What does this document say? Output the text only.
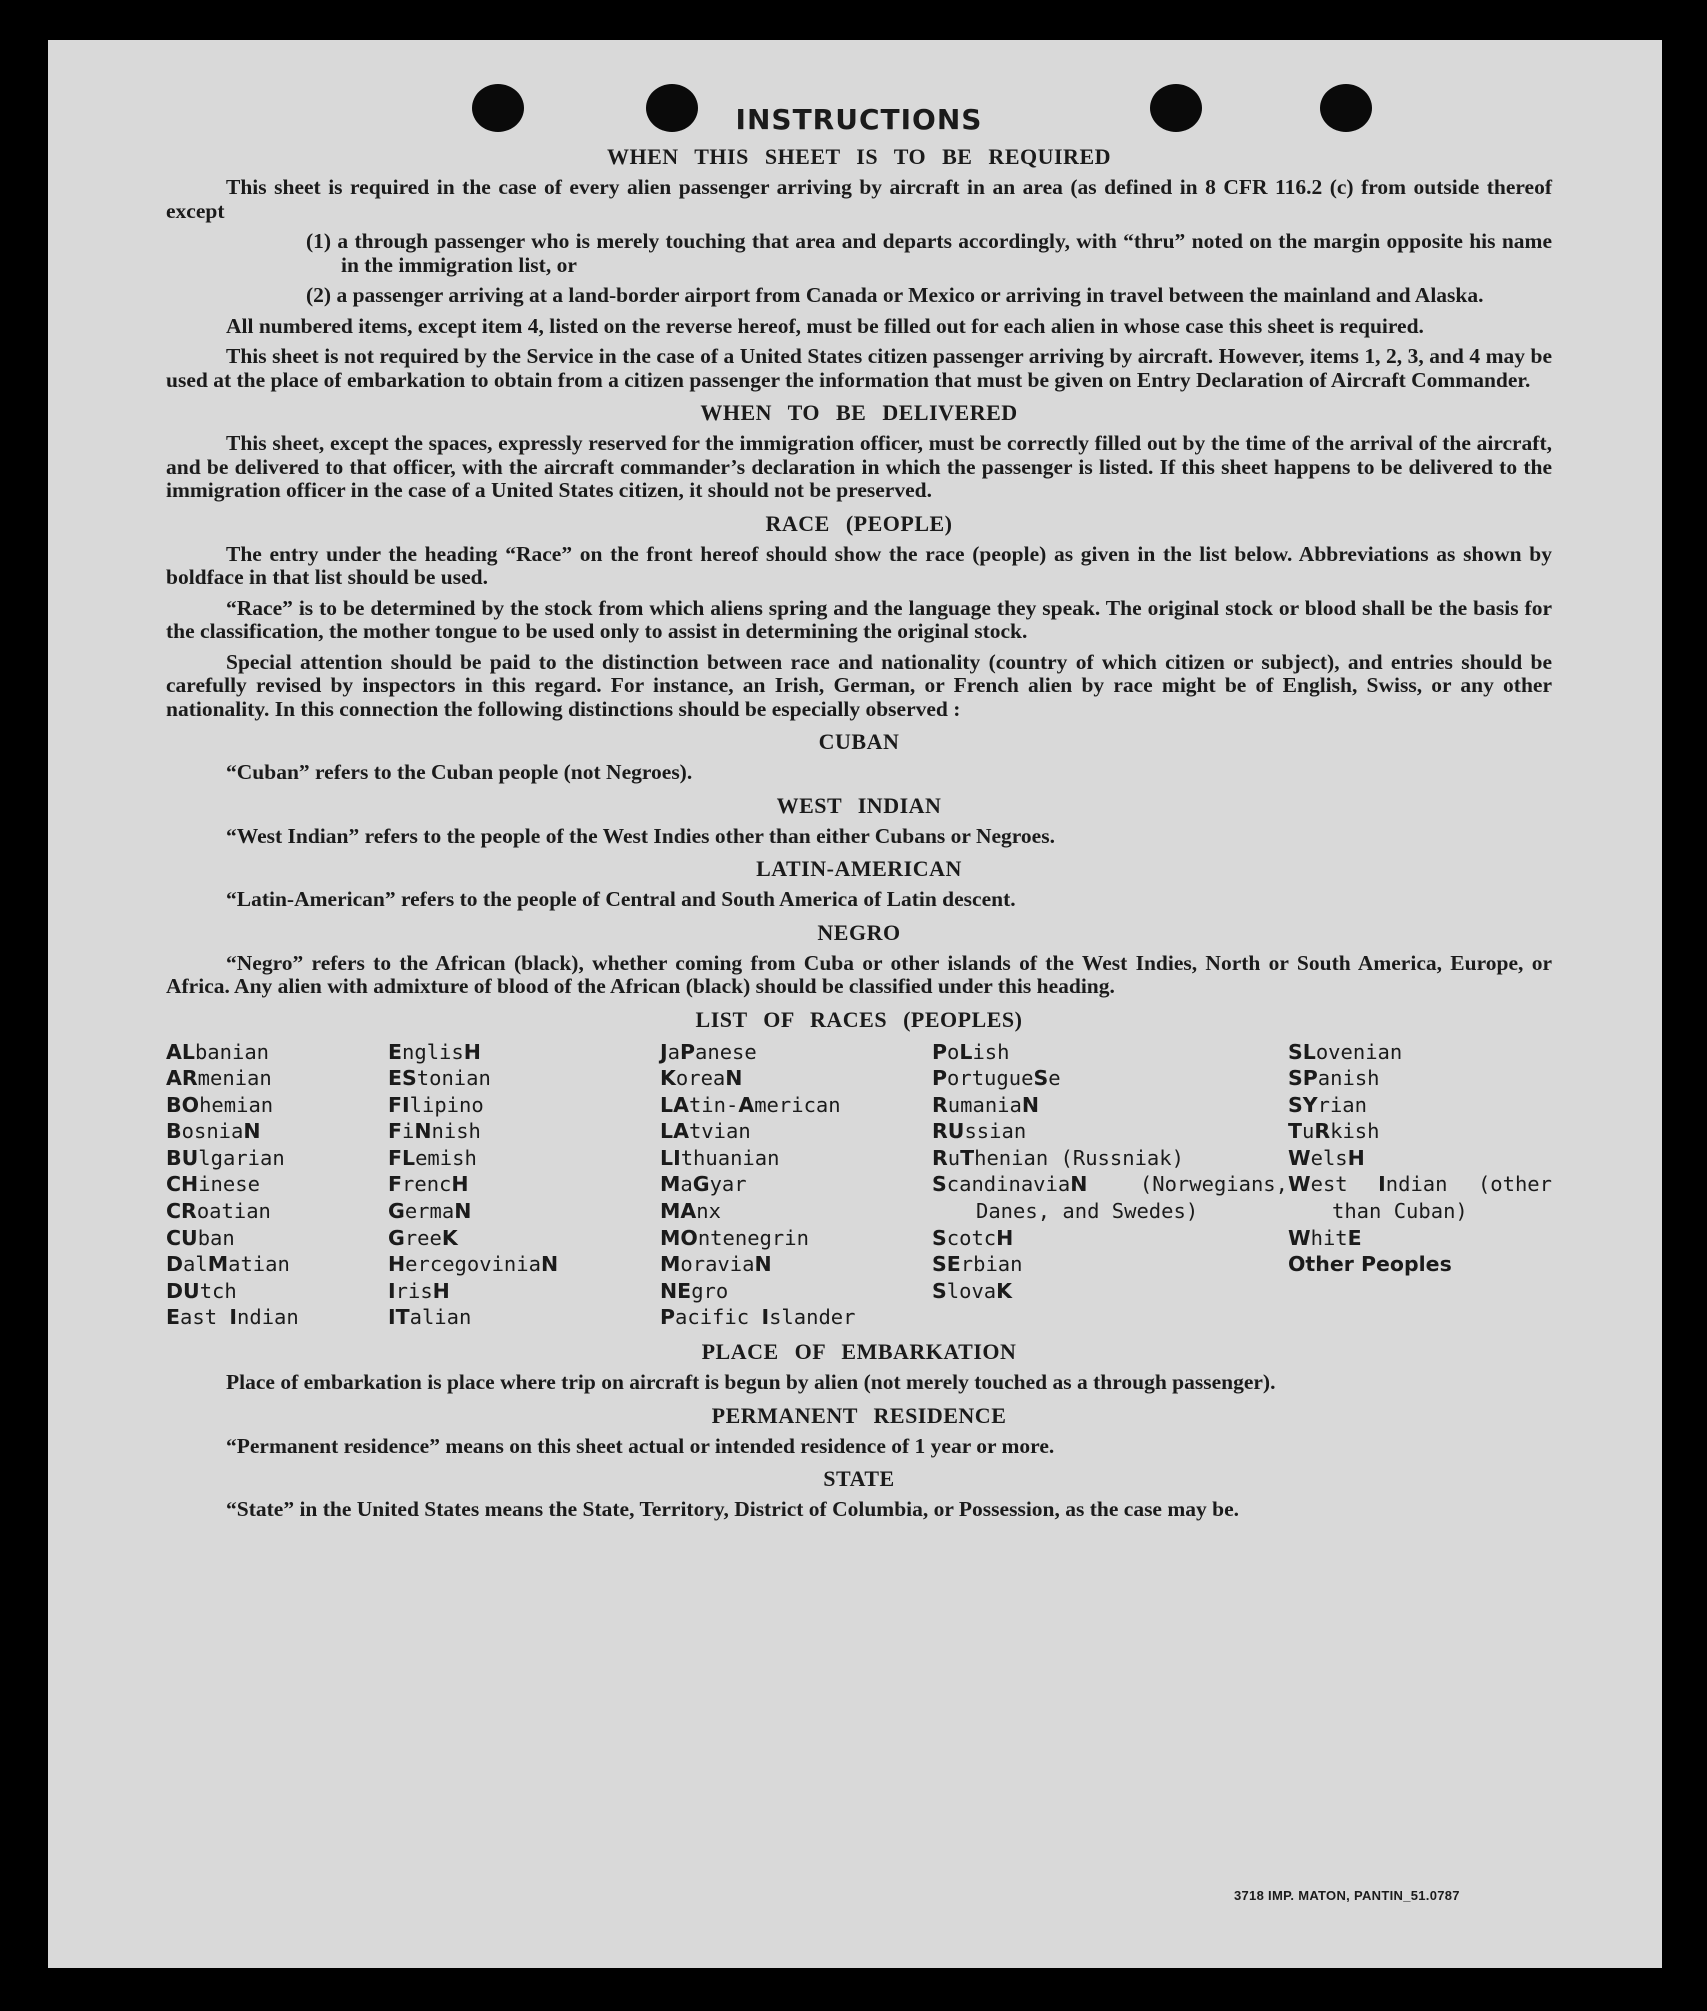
INSTRUCTIONS
WHEN THIS SHEET IS TO BE REQUIRED

This sheet is required in the case of every alien passenger arriving by aircraft in an area (as defined in 8 CFR 116.2 (c) from outside thereof except

(1) a through passenger who is merely touching that area and departs accordingly, with “thru” noted on the margin opposite his name in the immigration list, or

(2) a passenger arriving at a land-border airport from Canada or Mexico or arriving in travel between the mainland and Alaska.

All numbered items, except item 4, listed on the reverse hereof, must be filled out for each alien in whose case this sheet is required.

This sheet is not required by the Service in the case of a United States citizen passenger arriving by aircraft. However, items 1, 2, 3, and 4 may be used at the place of embarkation to obtain from a citizen passenger the information that must be given on Entry Declaration of Aircraft Commander.

WHEN TO BE DELIVERED

This sheet, except the spaces, expressly reserved for the immigration officer, must be correctly filled out by the time of the arrival of the aircraft, and be delivered to that officer, with the aircraft commander’s declaration in which the passenger is listed. If this sheet happens to be delivered to the immigration officer in the case of a United States citizen, it should not be preserved.

RACE (PEOPLE)

The entry under the heading “Race” on the front hereof should show the race (people) as given in the list below. Abbreviations as shown by boldface in that list should be used.

“Race” is to be determined by the stock from which aliens spring and the language they speak. The original stock or blood shall be the basis for the classification, the mother tongue to be used only to assist in determining the original stock.

Special attention should be paid to the distinction between race and nationality (country of which citizen or subject), and entries should be carefully revised by inspectors in this regard. For instance, an Irish, German, or French alien by race might be of English, Swiss, or any other nationality. In this connection the following distinctions should be especially observed :

CUBAN

“Cuban” refers to the Cuban people (not Negroes).

WEST INDIAN

“West Indian” refers to the people of the West Indies other than either Cubans or Negroes.

LATIN-AMERICAN

“Latin-American” refers to the people of Central and South America of Latin descent.

NEGRO

“Negro” refers to the African (black), whether coming from Cuba or other islands of the West Indies, North or South America, Europe, or Africa. Any alien with admixture of blood of the African (black) should be classified under this heading.

LIST OF RACES (PEOPLES)
ALbanian
ARmenian
BOhemian
BosniaN
BUlgarian
CHinese
CRoatian
CUban
DalMatian
DUtch
East Indian
EnglisH
EStonian
FIlipino
FiNnish
FLemish
FrencH
GermaN
GreeK
HercegoviniaN
IrisH
ITalian
JaPanese
KoreaN
LAtin-American
LAtvian
LIthuanian
MaGyar
MAnx
MOntenegrin
MoraviaN
NEgro
Pacific Islander
PoLish
PortugueSe
RumaniaN
RUssian
RuThenian (Russniak)
ScandinaviaN (Norwegians, Danes, and Swedes)
ScotcH
SErbian
SlovaK
SLovenian
SPanish
SYrian
TuRkish
WelsH
West Indian (other than Cuban)
WhitE
Other Peoples
PLACE OF EMBARKATION

Place of embarkation is place where trip on aircraft is begun by alien (not merely touched as a through passenger).

PERMANENT RESIDENCE

“Permanent residence” means on this sheet actual or intended residence of 1 year or more.

STATE

“State” in the United States means the State, Territory, District of Columbia, or Possession, as the case may be.

3718 IMP. MATON, PANTIN_51.0787
